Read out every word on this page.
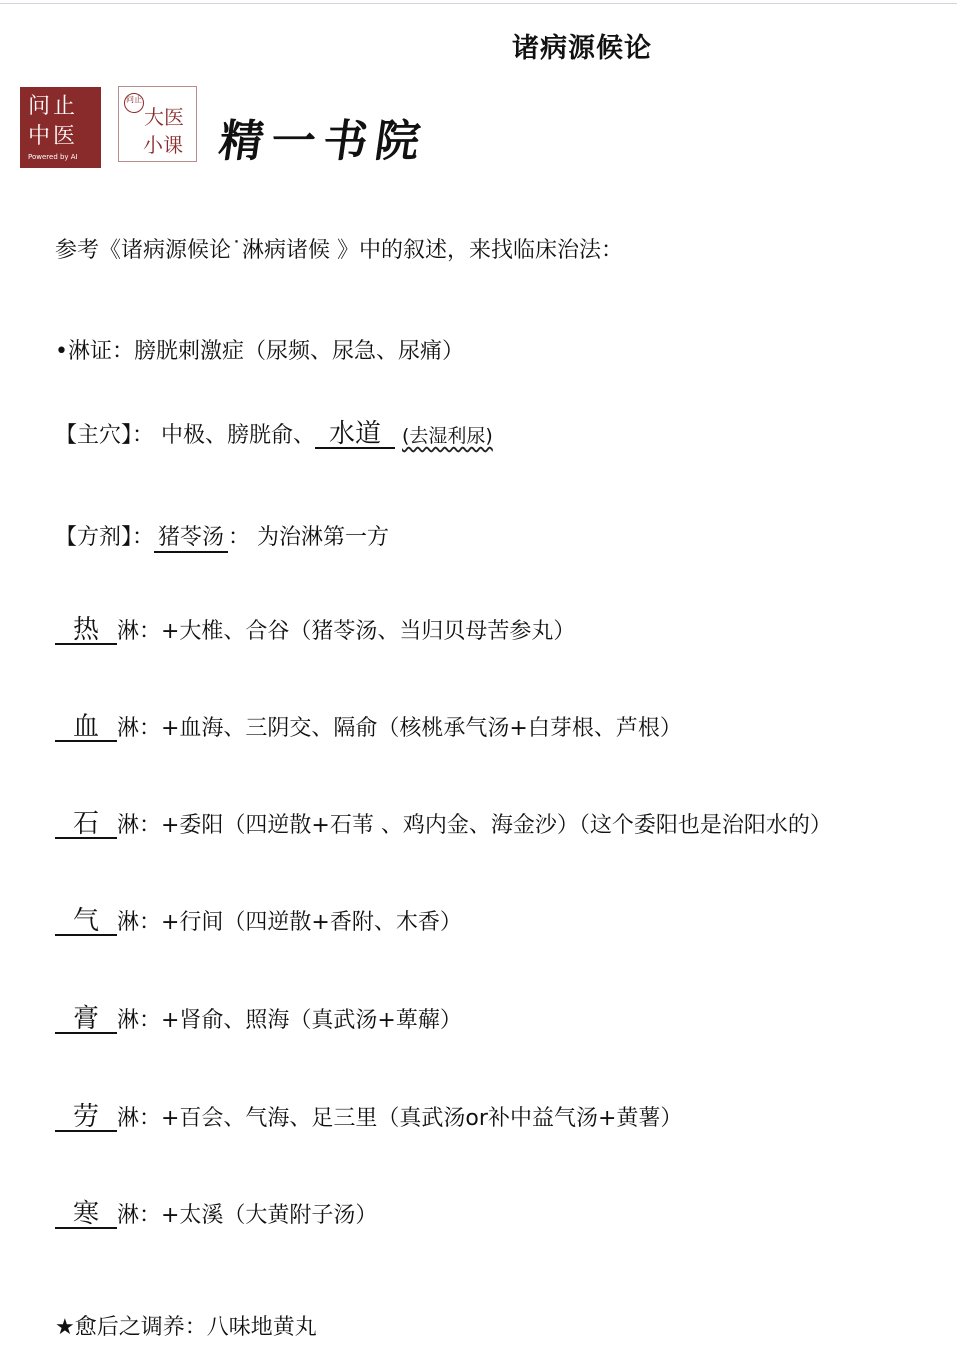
诸病源候论
问止
中医
Powered by AI
问止
大医
小课 精一书院
参考《诸病源候论˙淋病诸候 》中的叙述，来找临床治法：
•淋证：膀胱刺激症（尿频、尿急、尿痛）
【主穴】： 中极、膀胱俞、 水道 (去湿利尿)
【方剂】： 猪苓汤 ： 为治淋第一方
热 淋：+大椎、合谷（猪苓汤、当归贝母苦参丸）
血 淋：+血海、三阴交、隔俞（核桃承气汤+白芽根、芦根）
石 淋：+委阳（四逆散+石苇 、鸡内金、海金沙）（这个委阳也是治阳水的）
气 淋：+行间（四逆散+香附、木香）
膏 淋：+肾俞、照海（真武汤+萆薢）
劳 淋：+百会、气海、足三里（真武汤or补中益气汤+黄薯）
寒 淋：+太溪（大黄附子汤）
★愈后之调养：八味地黄丸
